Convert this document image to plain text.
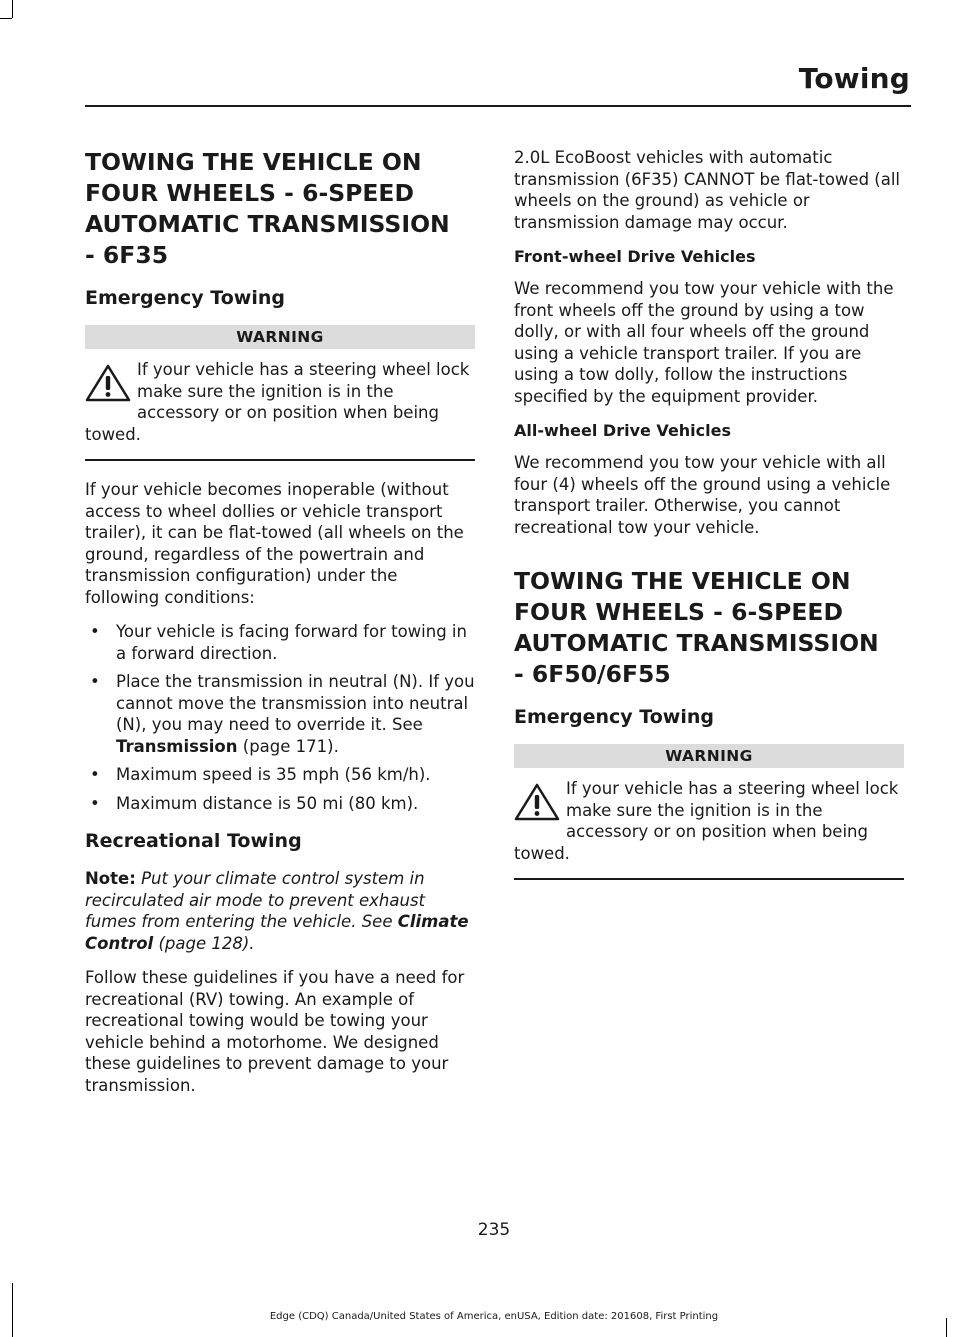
Towing
TOWING THE VEHICLE ON
FOUR WHEELS - 6-SPEED
AUTOMATIC TRANSMISSION
- 6F35
Emergency Towing
WARNING
If your vehicle has a steering wheel lock make sure the ignition is in the accessory or on position when being towed.

If your vehicle becomes inoperable (without access to wheel dollies or vehicle transport trailer), it can be flat-towed (all wheels on the ground, regardless of the powertrain and transmission configuration) under the following conditions:

• Your vehicle is facing forward for towing in a forward direction.
• Place the transmission in neutral (N). If you cannot move the transmission into neutral (N), you may need to override it. See Transmission (page 171).
• Maximum speed is 35 mph (56 km/h).
• Maximum distance is 50 mi (80 km).
Recreational Towing

Note: Put your climate control system in recirculated air mode to prevent exhaust fumes from entering the vehicle. See Climate Control (page 128).

Follow these guidelines if you have a need for recreational (RV) towing. An example of recreational towing would be towing your vehicle behind a motorhome. We designed these guidelines to prevent damage to your transmission.

2.0L EcoBoost vehicles with automatic transmission (6F35) CANNOT be flat-towed (all wheels on the ground) as vehicle or transmission damage may occur.

Front-wheel Drive Vehicles

We recommend you tow your vehicle with the front wheels off the ground by using a tow dolly, or with all four wheels off the ground using a vehicle transport trailer. If you are using a tow dolly, follow the instructions specified by the equipment provider.

All-wheel Drive Vehicles

We recommend you tow your vehicle with all four (4) wheels off the ground using a vehicle transport trailer. Otherwise, you cannot recreational tow your vehicle.

TOWING THE VEHICLE ON
FOUR WHEELS - 6-SPEED
AUTOMATIC TRANSMISSION
- 6F50/6F55
Emergency Towing
WARNING
If your vehicle has a steering wheel lock make sure the ignition is in the accessory or on position when being towed.
235
Edge (CDQ) Canada/United States of America, enUSA, Edition date: 201608, First Printing
